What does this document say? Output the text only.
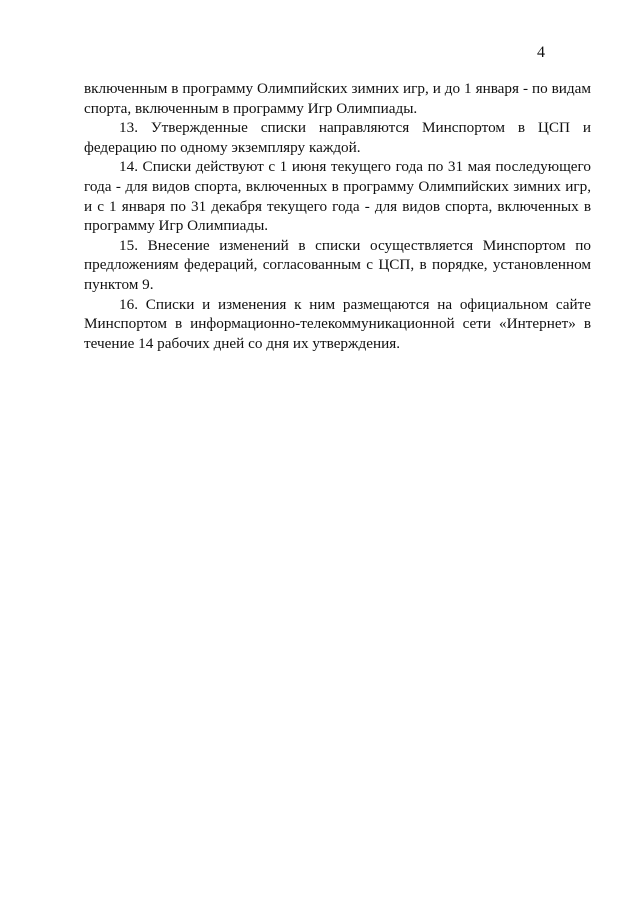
4

включенным в программу Олимпийских зимних игр, и до 1 января - по видам спорта, включенным в программу Игр Олимпиады.

13. Утвержденные списки направляются Минспортом в ЦСП и федерацию по одному экземпляру каждой.

14. Списки действуют с 1 июня текущего года по 31 мая последующего года - для видов спорта, включенных в программу Олимпийских зимних игр, и с 1 января по 31 декабря текущего года - для видов спорта, включенных в программу Игр Олимпиады.

15. Внесение изменений в списки осуществляется Минспортом по предложениям федераций, согласованным с ЦСП, в порядке, установленном пунктом 9.

16. Списки и изменения к ним размещаются на официальном сайте Минспортом в информационно-телекоммуникационной сети «Интернет» в течение 14 рабочих дней со дня их утверждения.
